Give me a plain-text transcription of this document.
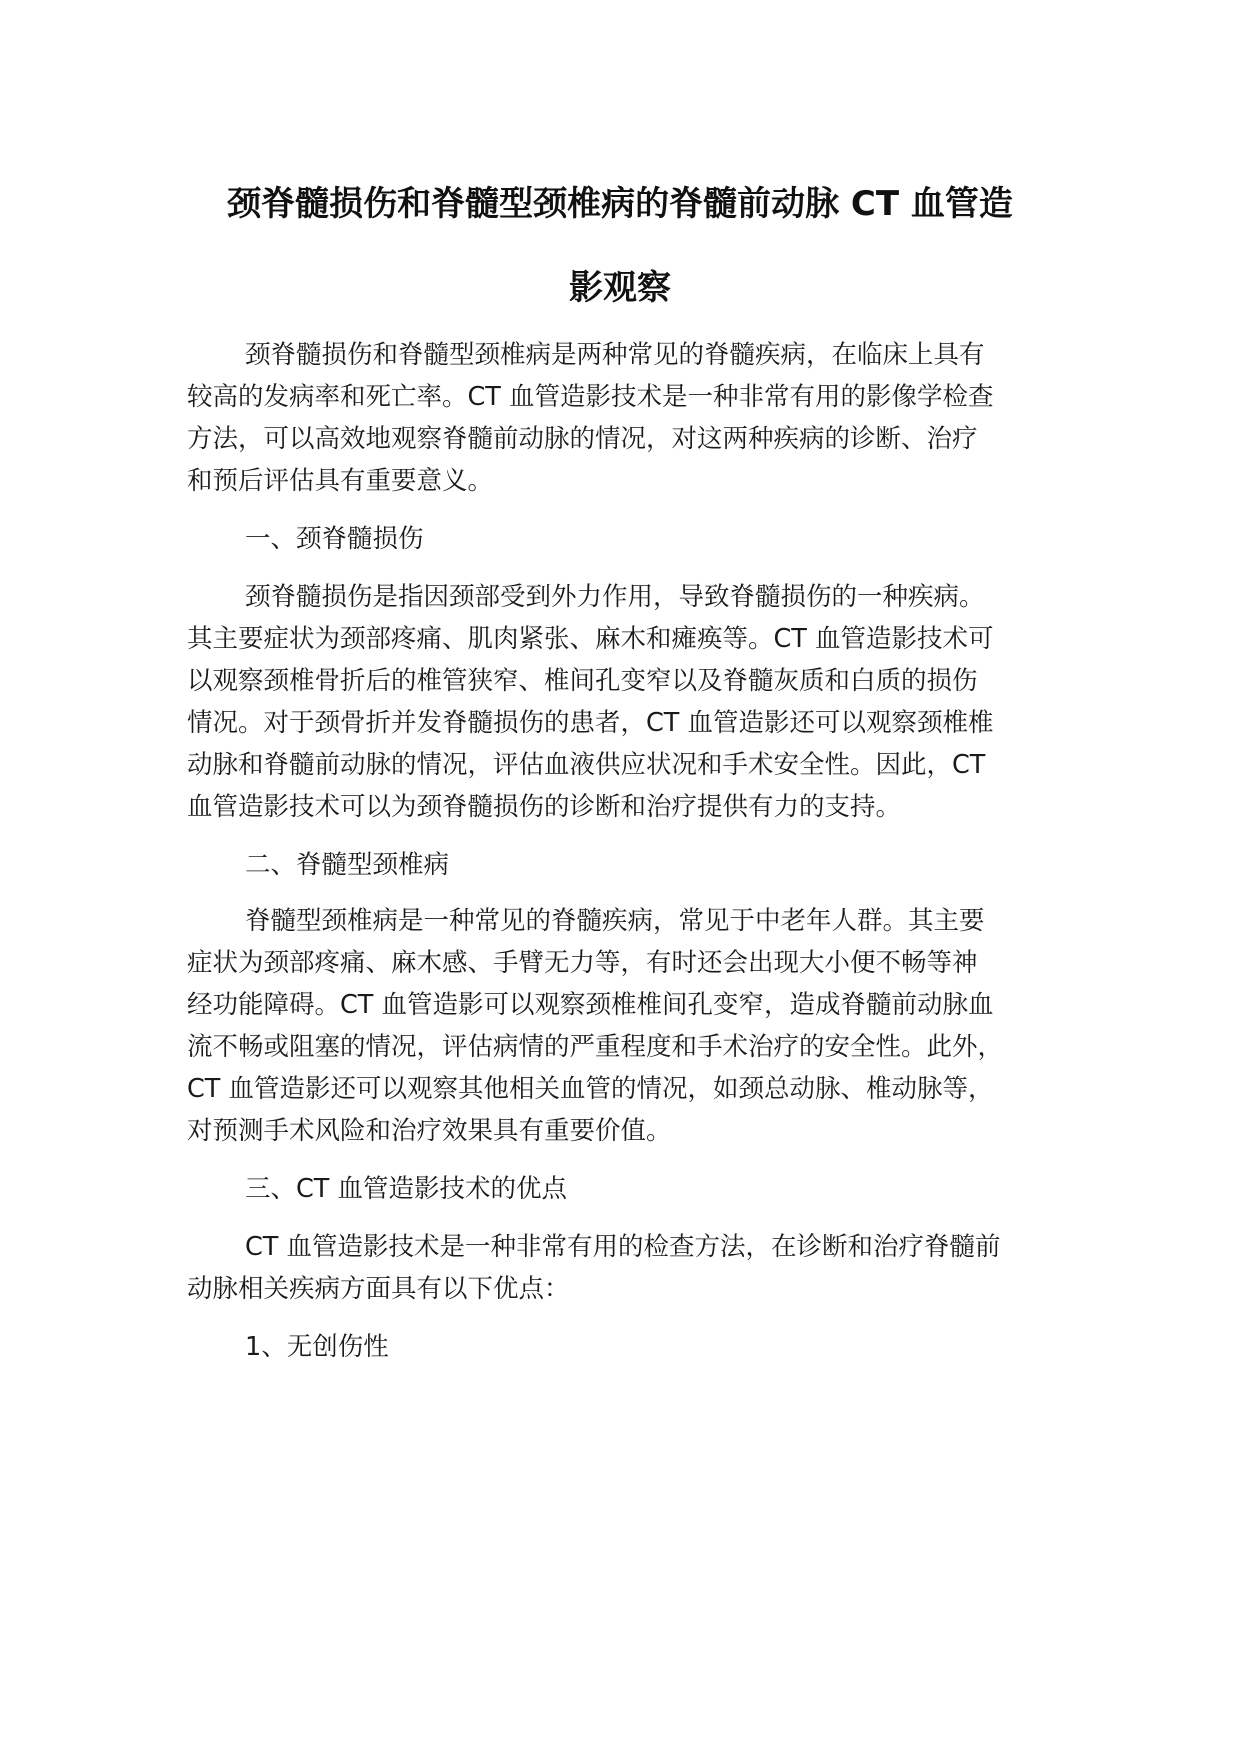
颈脊髓损伤和脊髓型颈椎病的脊髓前动脉 CT 血管造
影观察

颈脊髓损伤和脊髓型颈椎病是两种常见的脊髓疾病，在临床上具有

较高的发病率和死亡率。CT 血管造影技术是一种非常有用的影像学检查

方法，可以高效地观察脊髓前动脉的情况，对这两种疾病的诊断、治疗

和预后评估具有重要意义。

一、颈脊髓损伤

颈脊髓损伤是指因颈部受到外力作用，导致脊髓损伤的一种疾病。

其主要症状为颈部疼痛、肌肉紧张、麻木和瘫痪等。CT 血管造影技术可

以观察颈椎骨折后的椎管狭窄、椎间孔变窄以及脊髓灰质和白质的损伤

情况。对于颈骨折并发脊髓损伤的患者，CT 血管造影还可以观察颈椎椎

动脉和脊髓前动脉的情况，评估血液供应状况和手术安全性。因此，CT

血管造影技术可以为颈脊髓损伤的诊断和治疗提供有力的支持。

二、脊髓型颈椎病

脊髓型颈椎病是一种常见的脊髓疾病，常见于中老年人群。其主要

症状为颈部疼痛、麻木感、手臂无力等，有时还会出现大小便不畅等神

经功能障碍。CT 血管造影可以观察颈椎椎间孔变窄，造成脊髓前动脉血

流不畅或阻塞的情况，评估病情的严重程度和手术治疗的安全性。此外，

CT 血管造影还可以观察其他相关血管的情况，如颈总动脉、椎动脉等，

对预测手术风险和治疗效果具有重要价值。

三、CT 血管造影技术的优点

CT 血管造影技术是一种非常有用的检查方法，在诊断和治疗脊髓前

动脉相关疾病方面具有以下优点：

1、无创伤性
